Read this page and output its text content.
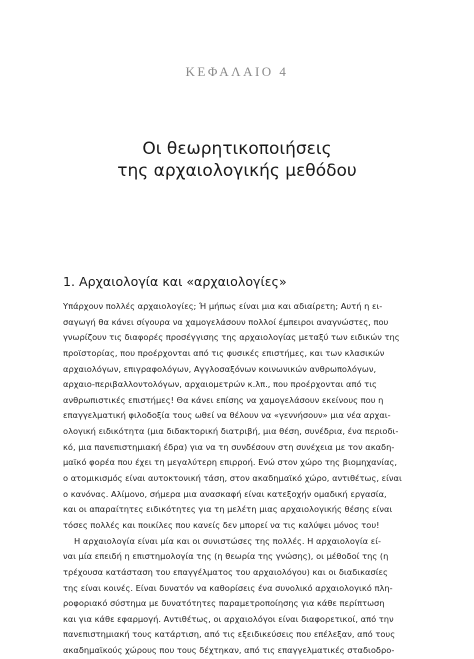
ΚΕΦΑΛΑΙΟ 4
Οι θεωρητικοποιήσεις
της αρχαιολογικής μεθόδου
1. Αρχαιολογία και «αρχαιολογίες»
Υπάρχουν πολλές αρχαιολογίες; Ή μήπως είναι μια και αδιαίρετη; Αυτή η ει-
σαγωγή θα κάνει σίγουρα να χαμογελάσουν πολλοί έμπειροι αναγνώστες, που
γνωρίζουν τις διαφορές προσέγγισης της αρχαιολογίας μεταξύ των ειδικών της
προϊστορίας, που προέρχονται από τις φυσικές επιστήμες, και των κλασικών
αρχαιολόγων, επιγραφολόγων, Αγγλοσαξόνων κοινωνικών ανθρωπολόγων,
αρχαιο-περιβαλλοντολόγων, αρχαιομετρών κ.λπ., που προέρχονται από τις
ανθρωπιστικές επιστήμες! Θα κάνει επίσης να χαμογελάσουν εκείνους που η
επαγγελματική φιλοδοξία τους ωθεί να θέλουν να «γεννήσουν» μια νέα αρχαι-
ολογική ειδικότητα (μια διδακτορική διατριβή, μια θέση, συνέδρια, ένα περιοδι-
κό, μια πανεπιστημιακή έδρα) για να τη συνδέσουν στη συνέχεια με τον ακαδη-
μαϊκό φορέα που έχει τη μεγαλύτερη επιρροή. Ενώ στον χώρο της βιομηχανίας,
ο ατομικισμός είναι αυτοκτονική τάση, στον ακαδημαϊκό χώρο, αντιθέτως, είναι
ο κανόνας. Αλίμονο, σήμερα μια ανασκαφή είναι κατεξοχήν ομαδική εργασία,
και οι απαραίτητες ειδικότητες για τη μελέτη μιας αρχαιολογικής θέσης είναι
τόσες πολλές και ποικίλες που κανείς δεν μπορεί να τις καλύψει μόνος του!
Η αρχαιολογία είναι μία και οι συνιστώσες της πολλές. Η αρχαιολογία εί-
ναι μία επειδή η επιστημολογία της (η θεωρία της γνώσης), οι μέθοδοί της (η
τρέχουσα κατάσταση του επαγγέλματος του αρχαιολόγου) και οι διαδικασίες
της είναι κοινές. Είναι δυνατόν να καθορίσεις ένα συνολικό αρχαιολογικό πλη-
ροφοριακό σύστημα με δυνατότητες παραμετροποίησης για κάθε περίπτωση
και για κάθε εφαρμογή. Αντιθέτως, οι αρχαιολόγοι είναι διαφορετικοί, από την
πανεπιστημιακή τους κατάρτιση, από τις εξειδικεύσεις που επέλεξαν, από τους
ακαδημαϊκούς χώρους που τους δέχτηκαν, από τις επαγγελματικές σταδιοδρο-
